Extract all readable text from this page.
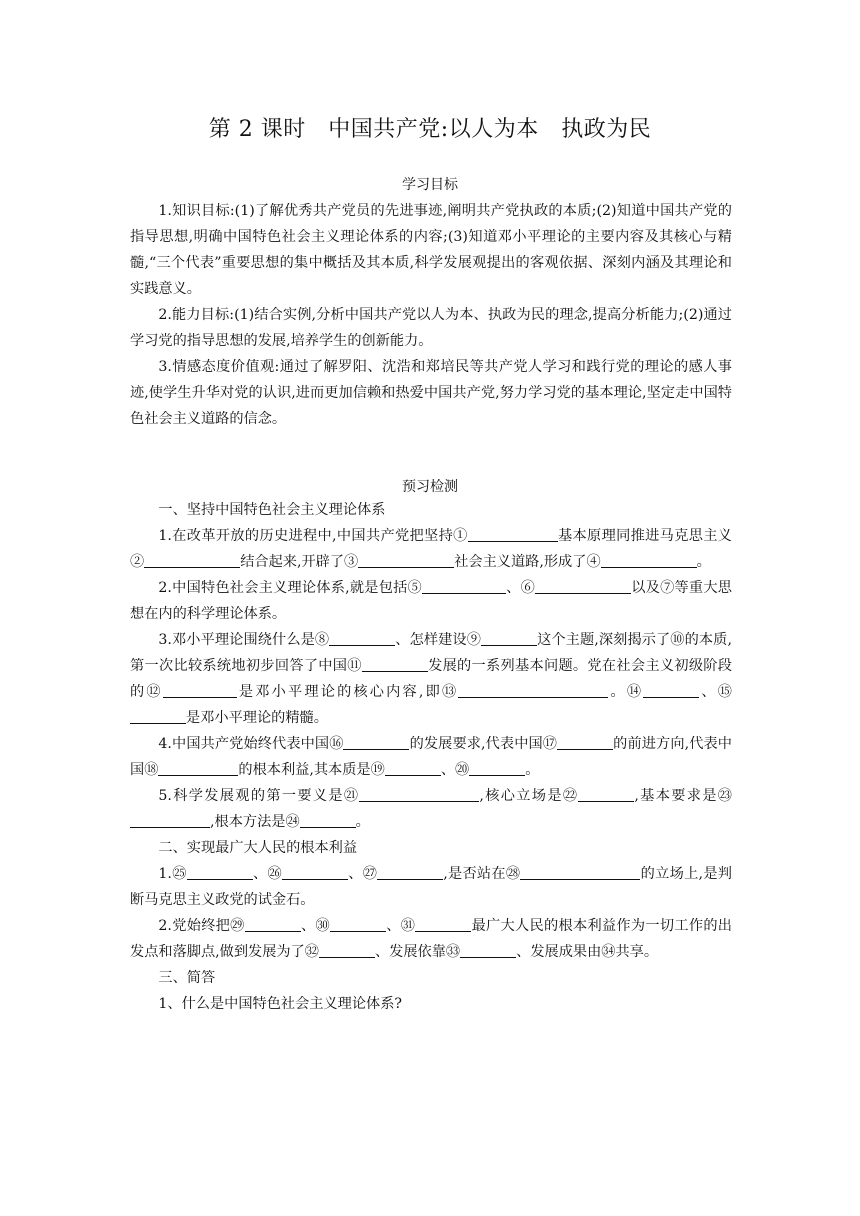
第 2 课时　中国共产党:以人为本　执政为民
学习目标

1.知识目标:(1)了解优秀共产党员的先进事迹,阐明共产党执政的本质;(2)知道中国共产党的指导思想,明确中国特色社会主义理论体系的内容;(3)知道邓小平理论的主要内容及其核心与精髓,“三个代表”重要思想的集中概括及其本质,科学发展观提出的客观依据、深刻内涵及其理论和实践意义。

2.能力目标:(1)结合实例,分析中国共产党以人为本、执政为民的理念,提高分析能力;(2)通过学习党的指导思想的发展,培养学生的创新能力。

3.情感态度价值观:通过了解罗阳、沈浩和郑培民等共产党人学习和践行党的理论的感人事迹,使学生升华对党的认识,进而更加信赖和热爱中国共产党,努力学习党的基本理论,坚定走中国特色社会主义道路的信念。

预习检测

一、坚持中国特色社会主义理论体系

1.在改革开放的历史进程中,中国共产党把坚持①	基本原理同推进马克思主义②	结合起来,开辟了③	社会主义道路,形成了④	。

2.中国特色社会主义理论体系,就是包括⑤	、⑥	以及⑦等重大思想在内的科学理论体系。

3.邓小平理论围绕什么是⑧	、怎样建设⑨	这个主题,深刻揭示了⑩的本质,第一次比较系统地初步回答了中国⑪	发展的一系列基本问题。党在社会主义初级阶段的⑫	是邓小平理论的核心内容,即⑬	。⑭	、⑮是邓小平理论的精髓。

4.中国共产党始终代表中国⑯	的发展要求,代表中国⑰	的前进方向,代表中国⑱	的根本利益,其本质是⑲	、⑳	。

5.科学发展观的第一要义是㉑	,核心立场是㉒	,基本要求是㉓,根本方法是㉔	。

二、实现最广大人民的根本利益

1.㉕	、㉖	、㉗	,是否站在㉘	的立场上,是判断马克思主义政党的试金石。

2.党始终把㉙	、㉚	、㉛	最广大人民的根本利益作为一切工作的出发点和落脚点,做到发展为了㉜	、发展依靠㉝	、发展成果由㉞共享。

三、简答

1、什么是中国特色社会主义理论体系?
